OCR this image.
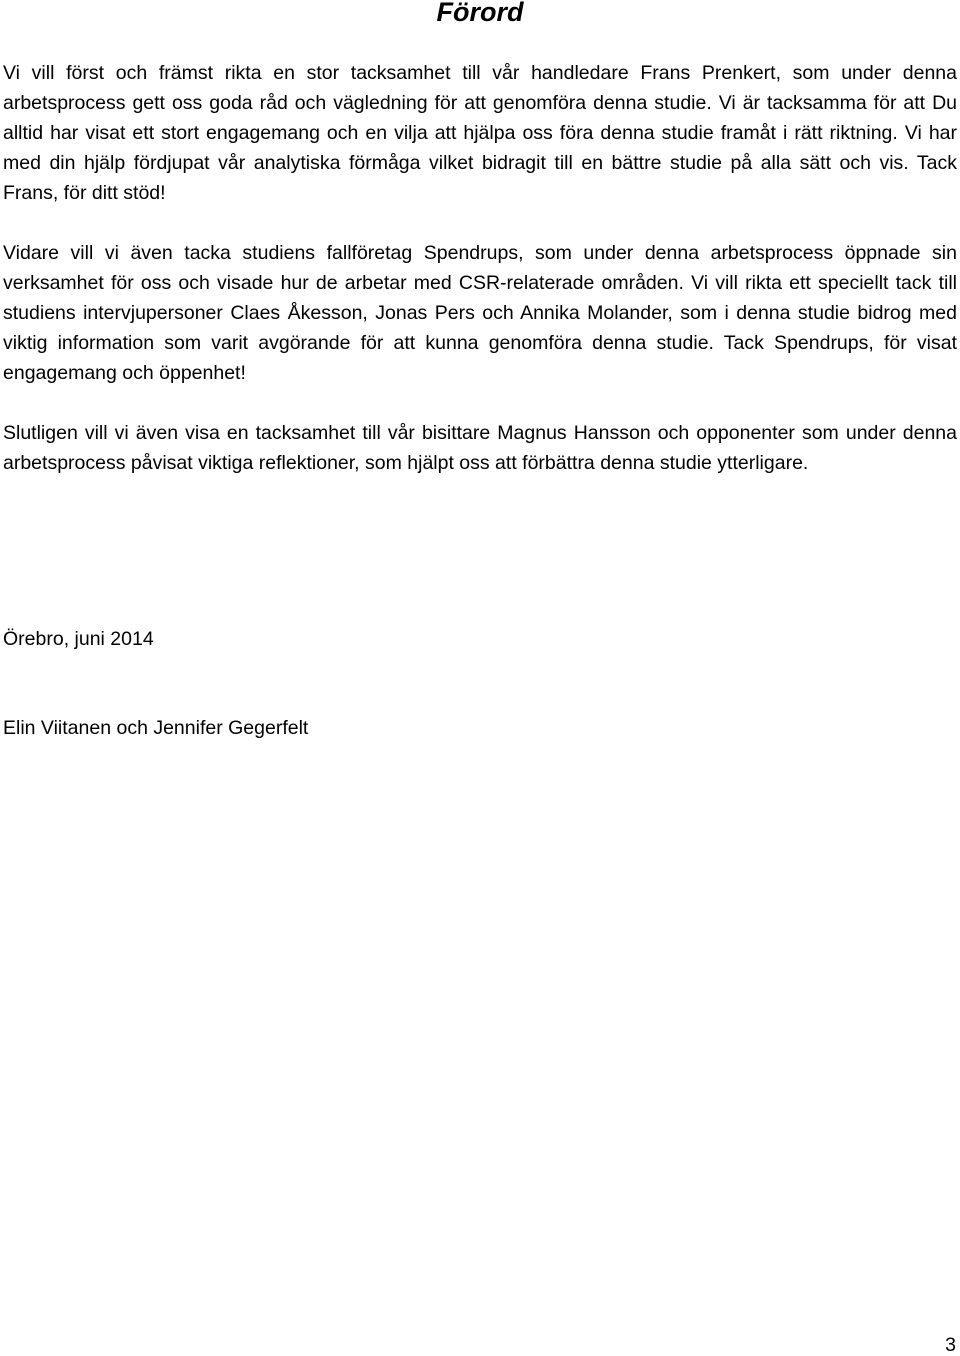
Förord

Vi vill först och främst rikta en stor tacksamhet till vår handledare Frans Prenkert, som under denna arbetsprocess gett oss goda råd och vägledning för att genomföra denna studie. Vi är tacksamma för att Du alltid har visat ett stort engagemang och en vilja att hjälpa oss föra denna studie framåt i rätt riktning. Vi har med din hjälp fördjupat vår analytiska förmåga vilket bidragit till en bättre studie på alla sätt och vis. Tack Frans, för ditt stöd!

Vidare vill vi även tacka studiens fallföretag Spendrups, som under denna arbetsprocess öppnade sin verksamhet för oss och visade hur de arbetar med CSR-relaterade områden. Vi vill rikta ett speciellt tack till studiens intervjupersoner Claes Åkesson, Jonas Pers och Annika Molander, som i denna studie bidrog med viktig information som varit avgörande för att kunna genomföra denna studie. Tack Spendrups, för visat engagemang och öppenhet!

Slutligen vill vi även visa en tacksamhet till vår bisittare Magnus Hansson och opponenter som under denna arbetsprocess påvisat viktiga reflektioner, som hjälpt oss att förbättra denna studie ytterligare.

Örebro, juni 2014

Elin Viitanen och Jennifer Gegerfelt

3
